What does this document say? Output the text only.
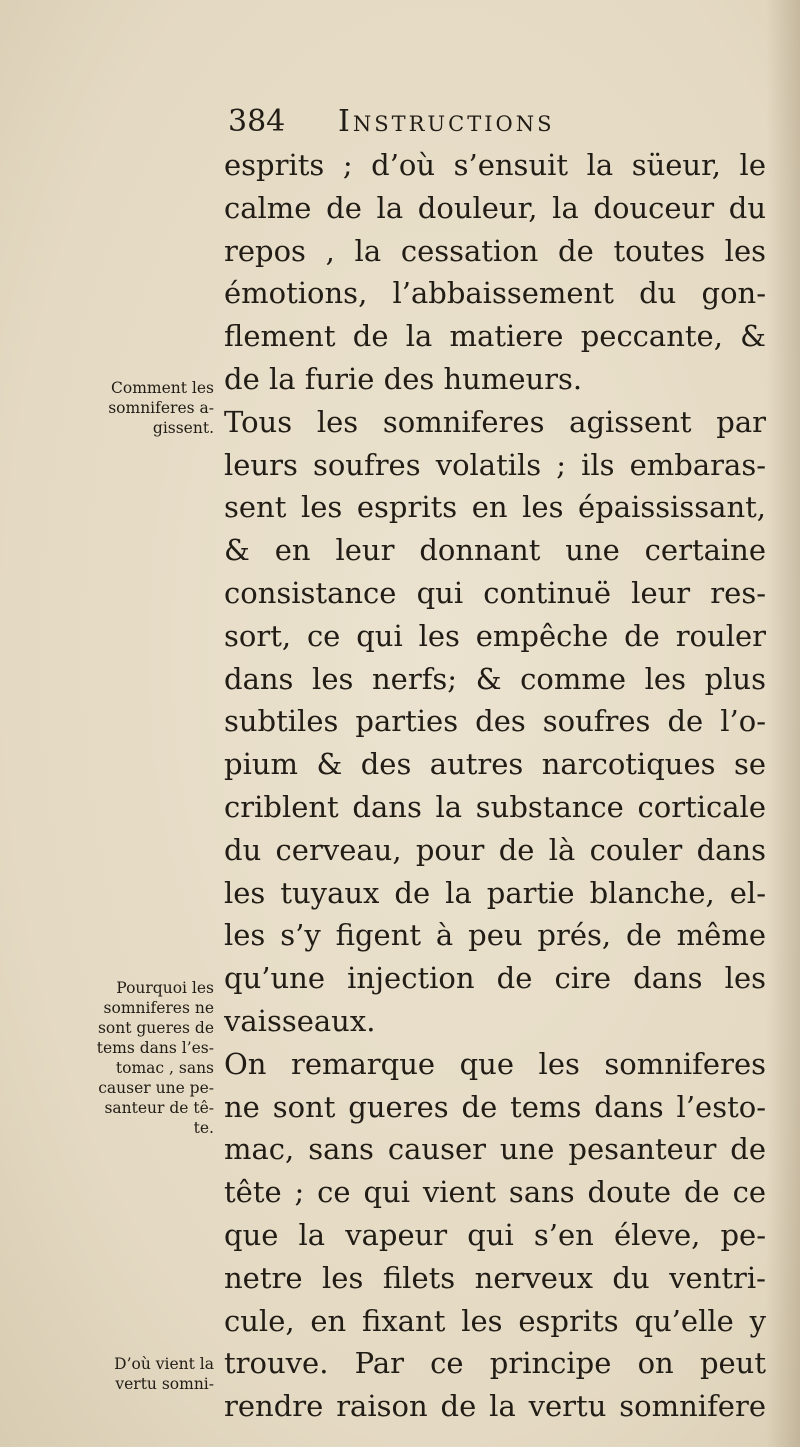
384 Instructions
esprits ; d’où s’ensuit la süeur, le
calme de la douleur, la douceur du
repos , la cessation de toutes les
émotions, l’abbaissement du gon-
flement de la matiere peccante, &
de la furie des humeurs.
Tous les somniferes agissent par
leurs soufres volatils ; ils embaras-
sent les esprits en les épaississant,
& en leur donnant une certaine
consistance qui continuë leur res-
sort, ce qui les empêche de rouler
dans les nerfs; & comme les plus
subtiles parties des soufres de l’o-
pium & des autres narcotiques se
criblent dans la substance corticale
du cerveau, pour de là couler dans
les tuyaux de la partie blanche, el-
les s’y figent à peu prés, de même
qu’une injection de cire dans les
vaisseaux.
On remarque que les somniferes
ne sont gueres de tems dans l’esto-
mac, sans causer une pesanteur de
tête ; ce qui vient sans doute de ce
que la vapeur qui s’en éleve, pe-
netre les filets nerveux du ventri-
cule, en fixant les esprits qu’elle y
trouve. Par ce principe on peut
rendre raison de la vertu somnifere
Comment les
somniferes a-
gissent.
Pourquoi les
somniferes ne
sont gueres de
tems dans l’es-
tomac , sans
causer une pe-
santeur de tê-
te.
D’où vient la
vertu somni-
